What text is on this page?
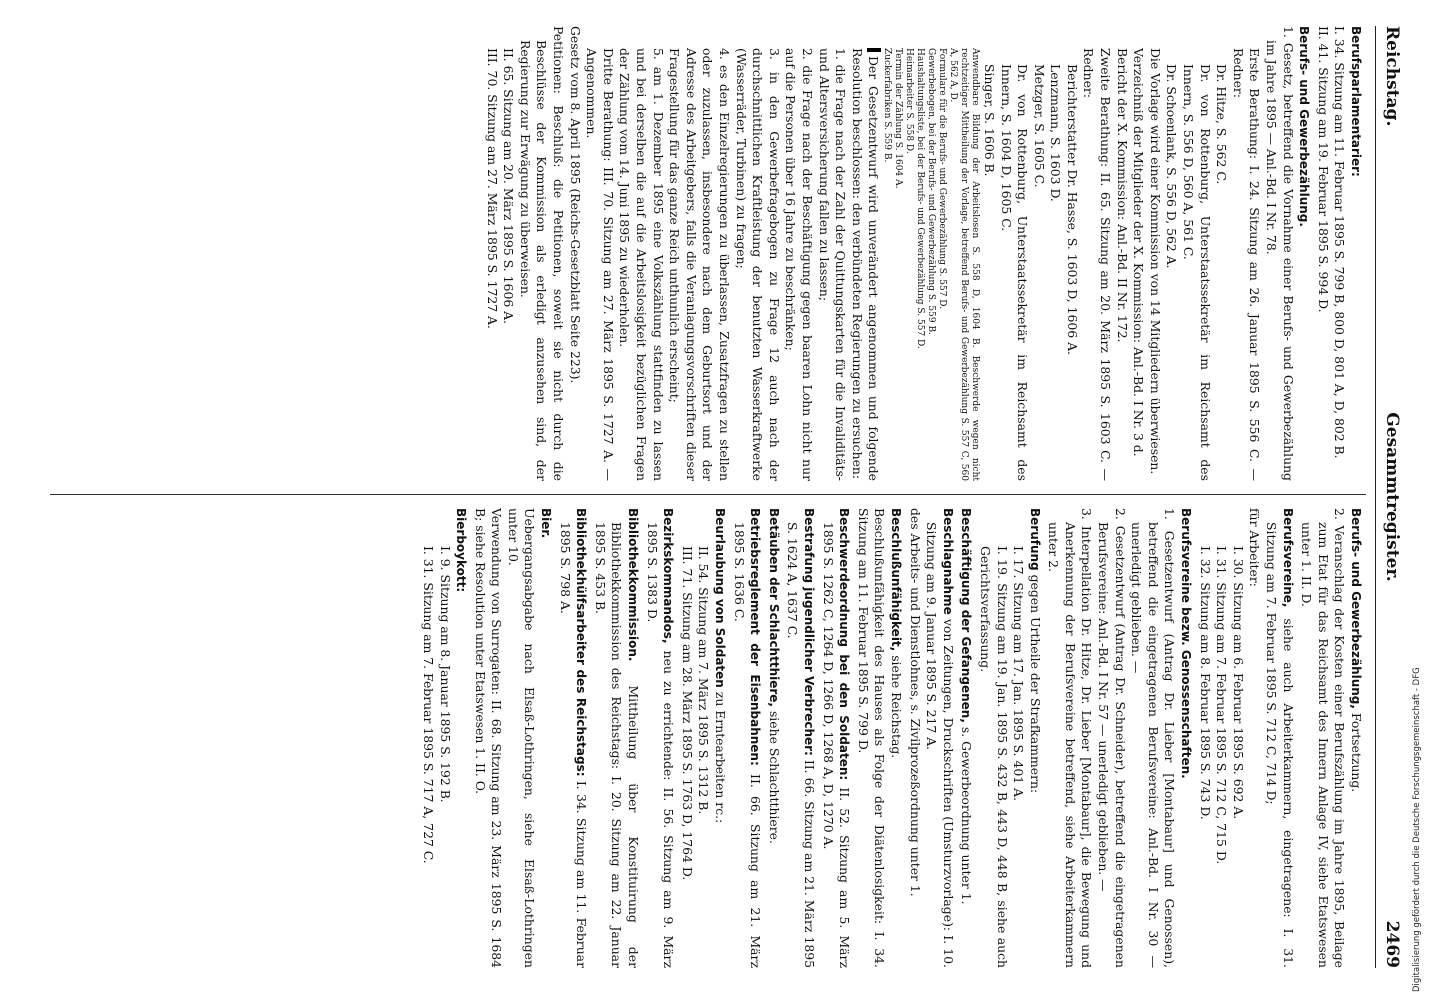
Reichstag.
Gesammtregister.
2469

Berufsparlamentarier:

I. 34. Sitzung am 11. Februar 1895 S. 799 B, 800 D, 801 A, D, 802 B.

II. 41. Sitzung am 19. Februar 1895 S. 994 D.

Berufs- und Gewerbezählung.

1. Gesetz, betreffend die Vornahme einer Berufs- und Gewerbezählung im Jahre 1895 — Anl.-Bd. I Nr. 78.

Erste Berathung: I. 24. Sitzung am 26. Januar 1895 S. 556 C. — Redner:

Dr. Hitze, S. 562 C.

Dr. von Rottenburg, Unterstaatssekretär im Reichsamt des Innern, S. 556 D, 560 A, 561 C.

Dr. Schoenlank, S. 556 D, 562 A.

Die Vorlage wird einer Kommission von 14 Mitgliedern überwiesen.

Verzeichniß der Mitglieder der X. Kommission: Anl.-Bd. I Nr. 3 d.

Bericht der X. Kommission: Anl.-Bd. II Nr. 172.

Zweite Berathung: II. 65. Sitzung am 20. März 1895 S. 1603 C. — Redner:

Berichterstatter Dr. Hasse, S. 1603 D, 1606 A.

Lenzmann, S. 1603 D.

Metzger, S. 1605 C.

Dr. von Rottenburg, Unterstaatssekretär im Reichsamt des Innern, S. 1604 D, 1605 C.

Singer, S. 1606 B.

Anwendbare Bildung der Arbeitslosen S. 558 D, 1604 B. Beschwerde wegen nicht rechtzeitiger Mittheilung der Vorlage, betreffend Berufs- und Gewerbezählung S. 557 C, 560 A, 562 A, D.

Formulare für die Berufs- und Gewerbezählung S. 557 D.

Gewerbebogen, bei der Berufs- und Gewerbezählung S. 559 B.

Haushaltungsliste, bei der Berufs- und Gewerbezählung S. 557 D.

Heimarbeiter S. 558 D.

Termin der Zählung S. 1604 A.

Zuckerfabriken S. 559 B.

Der Gesetzentwurf wird unverändert angenommen und folgende Resolution beschlossen: den verbündeten Regierungen zu ersuchen:

1. die Frage nach der Zahl der Quittungskarten für die Invaliditäts- und Altersversicherung fallen zu lassen;

2. die Frage nach der Beschäftigung gegen baaren Lohn nicht nur auf die Personen über 16 Jahre zu beschränken;

3. in den Gewerbefragebogen zu Frage 12 auch nach der durchschnittlichen Kraftleistung der benutzten Wasserkraftwerke (Wasserräder, Turbinen) zu fragen;

4. es den Einzelregierungen zu überlassen, Zusatzfragen zu stellen oder zuzulassen, insbesondere nach dem Geburtsort und der Adresse des Arbeitgebers, falls die Veranlagungsvorschriften dieser Fragestellung für das ganze Reich unthunlich erscheint;

5. am 1. Dezember 1895 eine Volkszählung stattfinden zu lassen und bei derselben die auf die Arbeitslosigkeit bezüglichen Fragen der Zählung vom 14. Juni 1895 zu wiederholen.

Dritte Berathung: III. 70. Sitzung am 27. März 1895 S. 1727 A. — Angenommen.

Gesetz vom 8. April 1895 (Reichs-Gesetzblatt Seite 223).

Petitionen: Beschluß: die Petitionen, soweit sie nicht durch die Beschlüsse der Kommission als erledigt anzusehen sind, der Regierung zur Erwägung zu überweisen.

II. 65. Sitzung am 20. März 1895 S. 1606 A.

III. 70. Sitzung am 27. März 1895 S. 1727 A.

Berufs- und Gewerbezählung, Fortsetzung.

2. Veranschlag der Kosten einer Berufszählung im Jahre 1895, Beilage zum Etat für das Reichsamt des Innern Anlage IV, siehe Etatswesen unter 1. II. D.

Berufsvereine, siehe auch Arbeiterkammern, eingetragene: I. 31. Sitzung am 7. Februar 1895 S. 712 C, 714 D;

für Arbeiter:

I. 30. Sitzung am 6. Februar 1895 S. 692 A.

I. 31. Sitzung am 7. Februar 1895 S. 712 C, 715 D.

I. 32. Sitzung am 8. Februar 1895 S. 743 D.

Berufsvereine bezw. Genossenschaften.

1. Gesetzentwurf (Antrag Dr. Lieber [Montabaur] und Genossen), betreffend die eingetragenen Berufsvereine: Anl.-Bd. I Nr. 30 — unerledigt geblieben. —

2. Gesetzentwurf (Antrag Dr. Schneider), betreffend die eingetragenen Berufsvereine: Anl.-Bd. I Nr. 57 — unerledigt geblieben. —

3. Interpellation Dr. Hitze, Dr. Lieber [Montabaur], die Bewegung und Anerkennung der Berufsvereine betreffend, siehe Arbeiterkammern unter 2.

Berufung gegen Urtheile der Strafkammern:

I. 17. Sitzung am 17. Jan. 1895 S. 401 A.

I. 19. Sitzung am 19. Jan. 1895 S. 432 B, 443 D, 448 B, siehe auch Gerichtsverfassung.

Beschäftigung der Gefangenen, s. Gewerbeordnung unter 1.

Beschlagnahme von Zeitungen, Druckschriften (Umsturzvorlage): I. 10. Sitzung am 9. Januar 1895 S. 217 A.

des Arbeits- und Dienstlohnes, s. Zivilprozeßordnung unter 1.

Beschlußunfähigkeit, siehe Reichstag.

Beschlußunfähigkeit des Hauses als Folge der Diätenlosigkeit: I. 34. Sitzung am 11. Februar 1895 S. 799 D.

Beschwerdeordnung bei den Soldaten: II. 52. Sitzung am 5. März 1895 S. 1262 C, 1264 D, 1266 D, 1268 A, D, 1270 A.

Bestrafung jugendlicher Verbrecher: II. 66. Sitzung am 21. März 1895 S. 1624 A, 1637 C.

Betäuben der Schlachtthiere, siehe Schlachtthiere.

Betriebsreglement der Eisenbahnen: II. 66. Sitzung am 21. März 1895 S. 1636 C.

Beurlaubung von Soldaten zu Erntearbeiten rc.:

II. 54. Sitzung am 7. März 1895 S. 1312 B.

III. 71. Sitzung am 28. März 1895 S. 1763 D, 1764 D.

Bezirkskommandos, neu zu errichtende: II. 56. Sitzung am 9. März 1895 S. 1383 D.

Bibliothekkommission. Mittheilung über Konstituirung der Bibliothekkommission des Reichstags: I. 20. Sitzung am 22. Januar 1895 S. 453 B.

Bibliothekhülfsarbeiter des Reichstags: I. 34. Sitzung am 11. Februar 1895 S. 798 A.

Bier.

Uebergangsabgabe nach Elsaß-Lothringen, siehe Elsaß-Lothringen unter 10.

Verwendung von Surrogaten: II. 68. Sitzung am 23. März 1895 S. 1684 B; siehe Resolution unter Etatswesen 1. II. O.

Bierboykott:

I. 9. Sitzung am 8. Januar 1895 S. 192 B.

I. 31. Sitzung am 7. Februar 1895 S. 717 A, 727 C.	Digitalisierung gefördert durch die Deutsche Forschungsgemeinschaft - DFG
